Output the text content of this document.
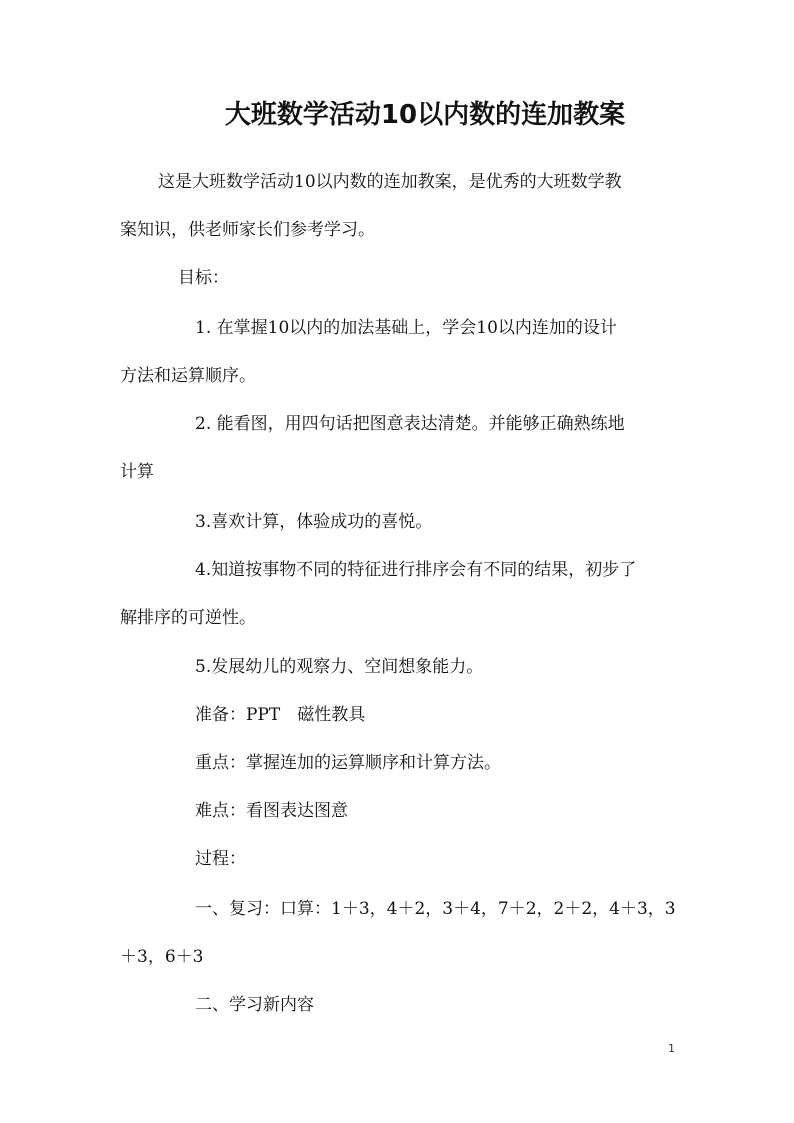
大班数学活动10以内数的连加教案
这是大班数学活动10以内数的连加教案，是优秀的大班数学教
案知识，供老师家长们参考学习。
目标：
1. 在掌握10以内的加法基础上，学会10以内连加的设计
方法和运算顺序。
2. 能看图，用四句话把图意表达清楚。并能够正确熟练地
计算
3.喜欢计算，体验成功的喜悦。
4.知道按事物不同的特征进行排序会有不同的结果，初步了
解排序的可逆性。
5.发展幼儿的观察力、空间想象能力。
准备：PPT　磁性教具
重点：掌握连加的运算顺序和计算方法。
难点：看图表达图意
过程：
一、复习：口算：1＋3，4＋2，3＋4，7＋2，2＋2，4＋3，3
＋3，6＋3
二、学习新内容
1
